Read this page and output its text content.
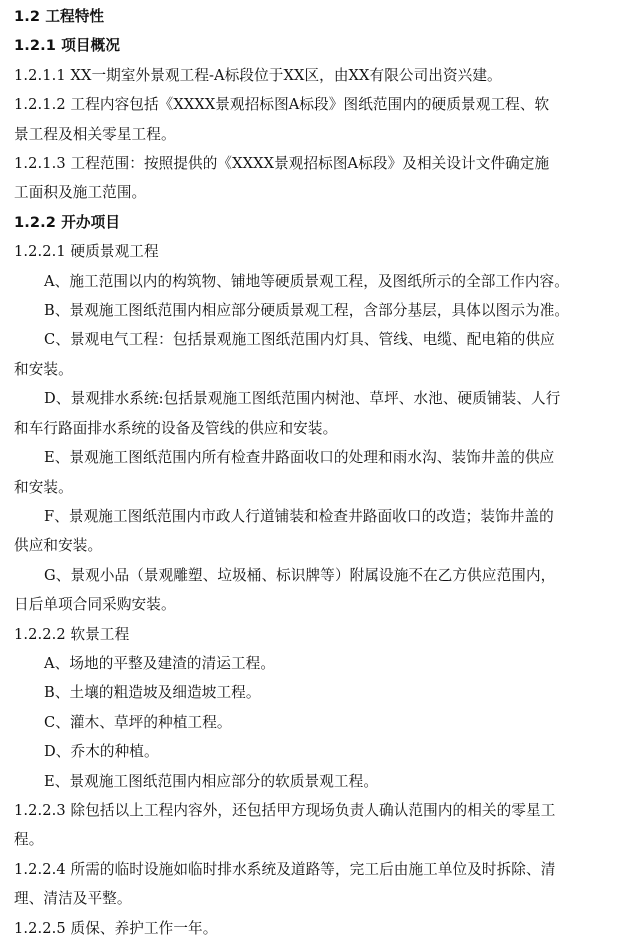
1.2 工程特性
1.2.1 项目概况
1.2.1.1 XX一期室外景观工程-A标段位于XX区，由XX有限公司出资兴建。
1.2.1.2 工程内容包括《XXXX景观招标图A标段》图纸范围内的硬质景观工程、软
景工程及相关零星工程。
1.2.1.3 工程范围：按照提供的《XXXX景观招标图A标段》及相关设计文件确定施
工面积及施工范围。
1.2.2 开办项目
1.2.2.1 硬质景观工程
A、施工范围以内的构筑物、铺地等硬质景观工程，及图纸所示的全部工作内容。
B、景观施工图纸范围内相应部分硬质景观工程，含部分基层，具体以图示为准。
C、景观电气工程：包括景观施工图纸范围内灯具、管线、电缆、配电箱的供应
和安装。
D、景观排水系统:包括景观施工图纸范围内树池、草坪、水池、硬质铺装、人行
和车行路面排水系统的设备及管线的供应和安装。
E、景观施工图纸范围内所有检查井路面收口的处理和雨水沟、装饰井盖的供应
和安装。
F、景观施工图纸范围内市政人行道铺装和检查井路面收口的改造；装饰井盖的
供应和安装。
G、景观小品（景观雕塑、垃圾桶、标识牌等）附属设施不在乙方供应范围内，
日后单项合同采购安装。
1.2.2.2 软景工程
A、场地的平整及建渣的清运工程。
B、土壤的粗造坡及细造坡工程。
C、灌木、草坪的种植工程。
D、乔木的种植。
E、景观施工图纸范围内相应部分的软质景观工程。
1.2.2.3 除包括以上工程内容外，还包括甲方现场负责人确认范围内的相关的零星工
程。
1.2.2.4 所需的临时设施如临时排水系统及道路等，完工后由施工单位及时拆除、清
理、清洁及平整。
1.2.2.5 质保、养护工作一年。
